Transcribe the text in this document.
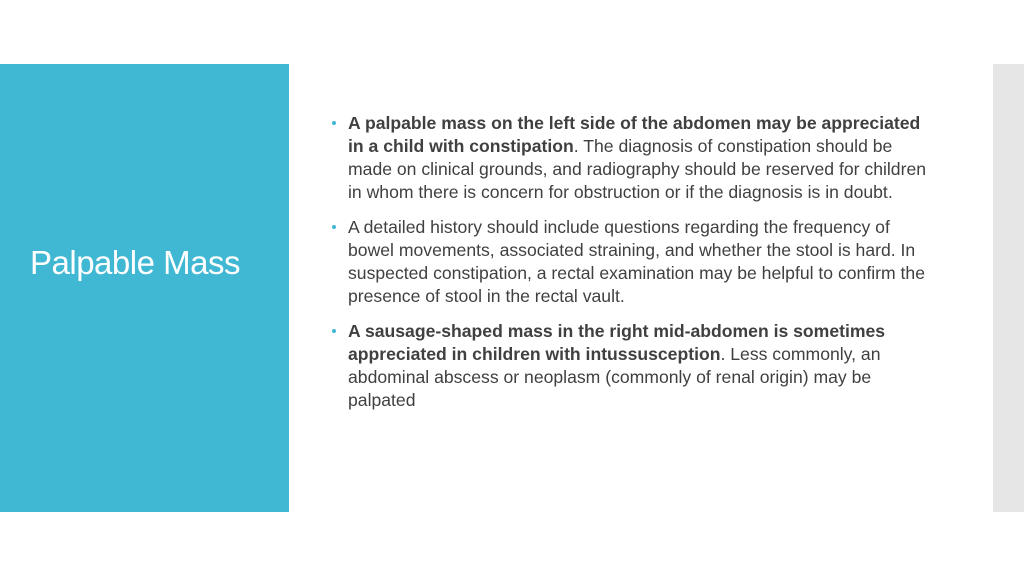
Palpable Mass
A palpable mass on the left side of the abdomen may be appreciated in a child with constipation. The diagnosis of constipation should be made on clinical grounds, and radiography should be reserved for children in whom there is concern for obstruction or if the diagnosis is in doubt.
A detailed history should include questions regarding the frequency of bowel movements, associated straining, and whether the stool is hard. In suspected constipation, a rectal examination may be helpful to confirm the presence of stool in the rectal vault.
A sausage-shaped mass in the right mid-abdomen is sometimes appreciated in children with intussusception. Less commonly, an abdominal abscess or neoplasm (commonly of renal origin) may be palpated
